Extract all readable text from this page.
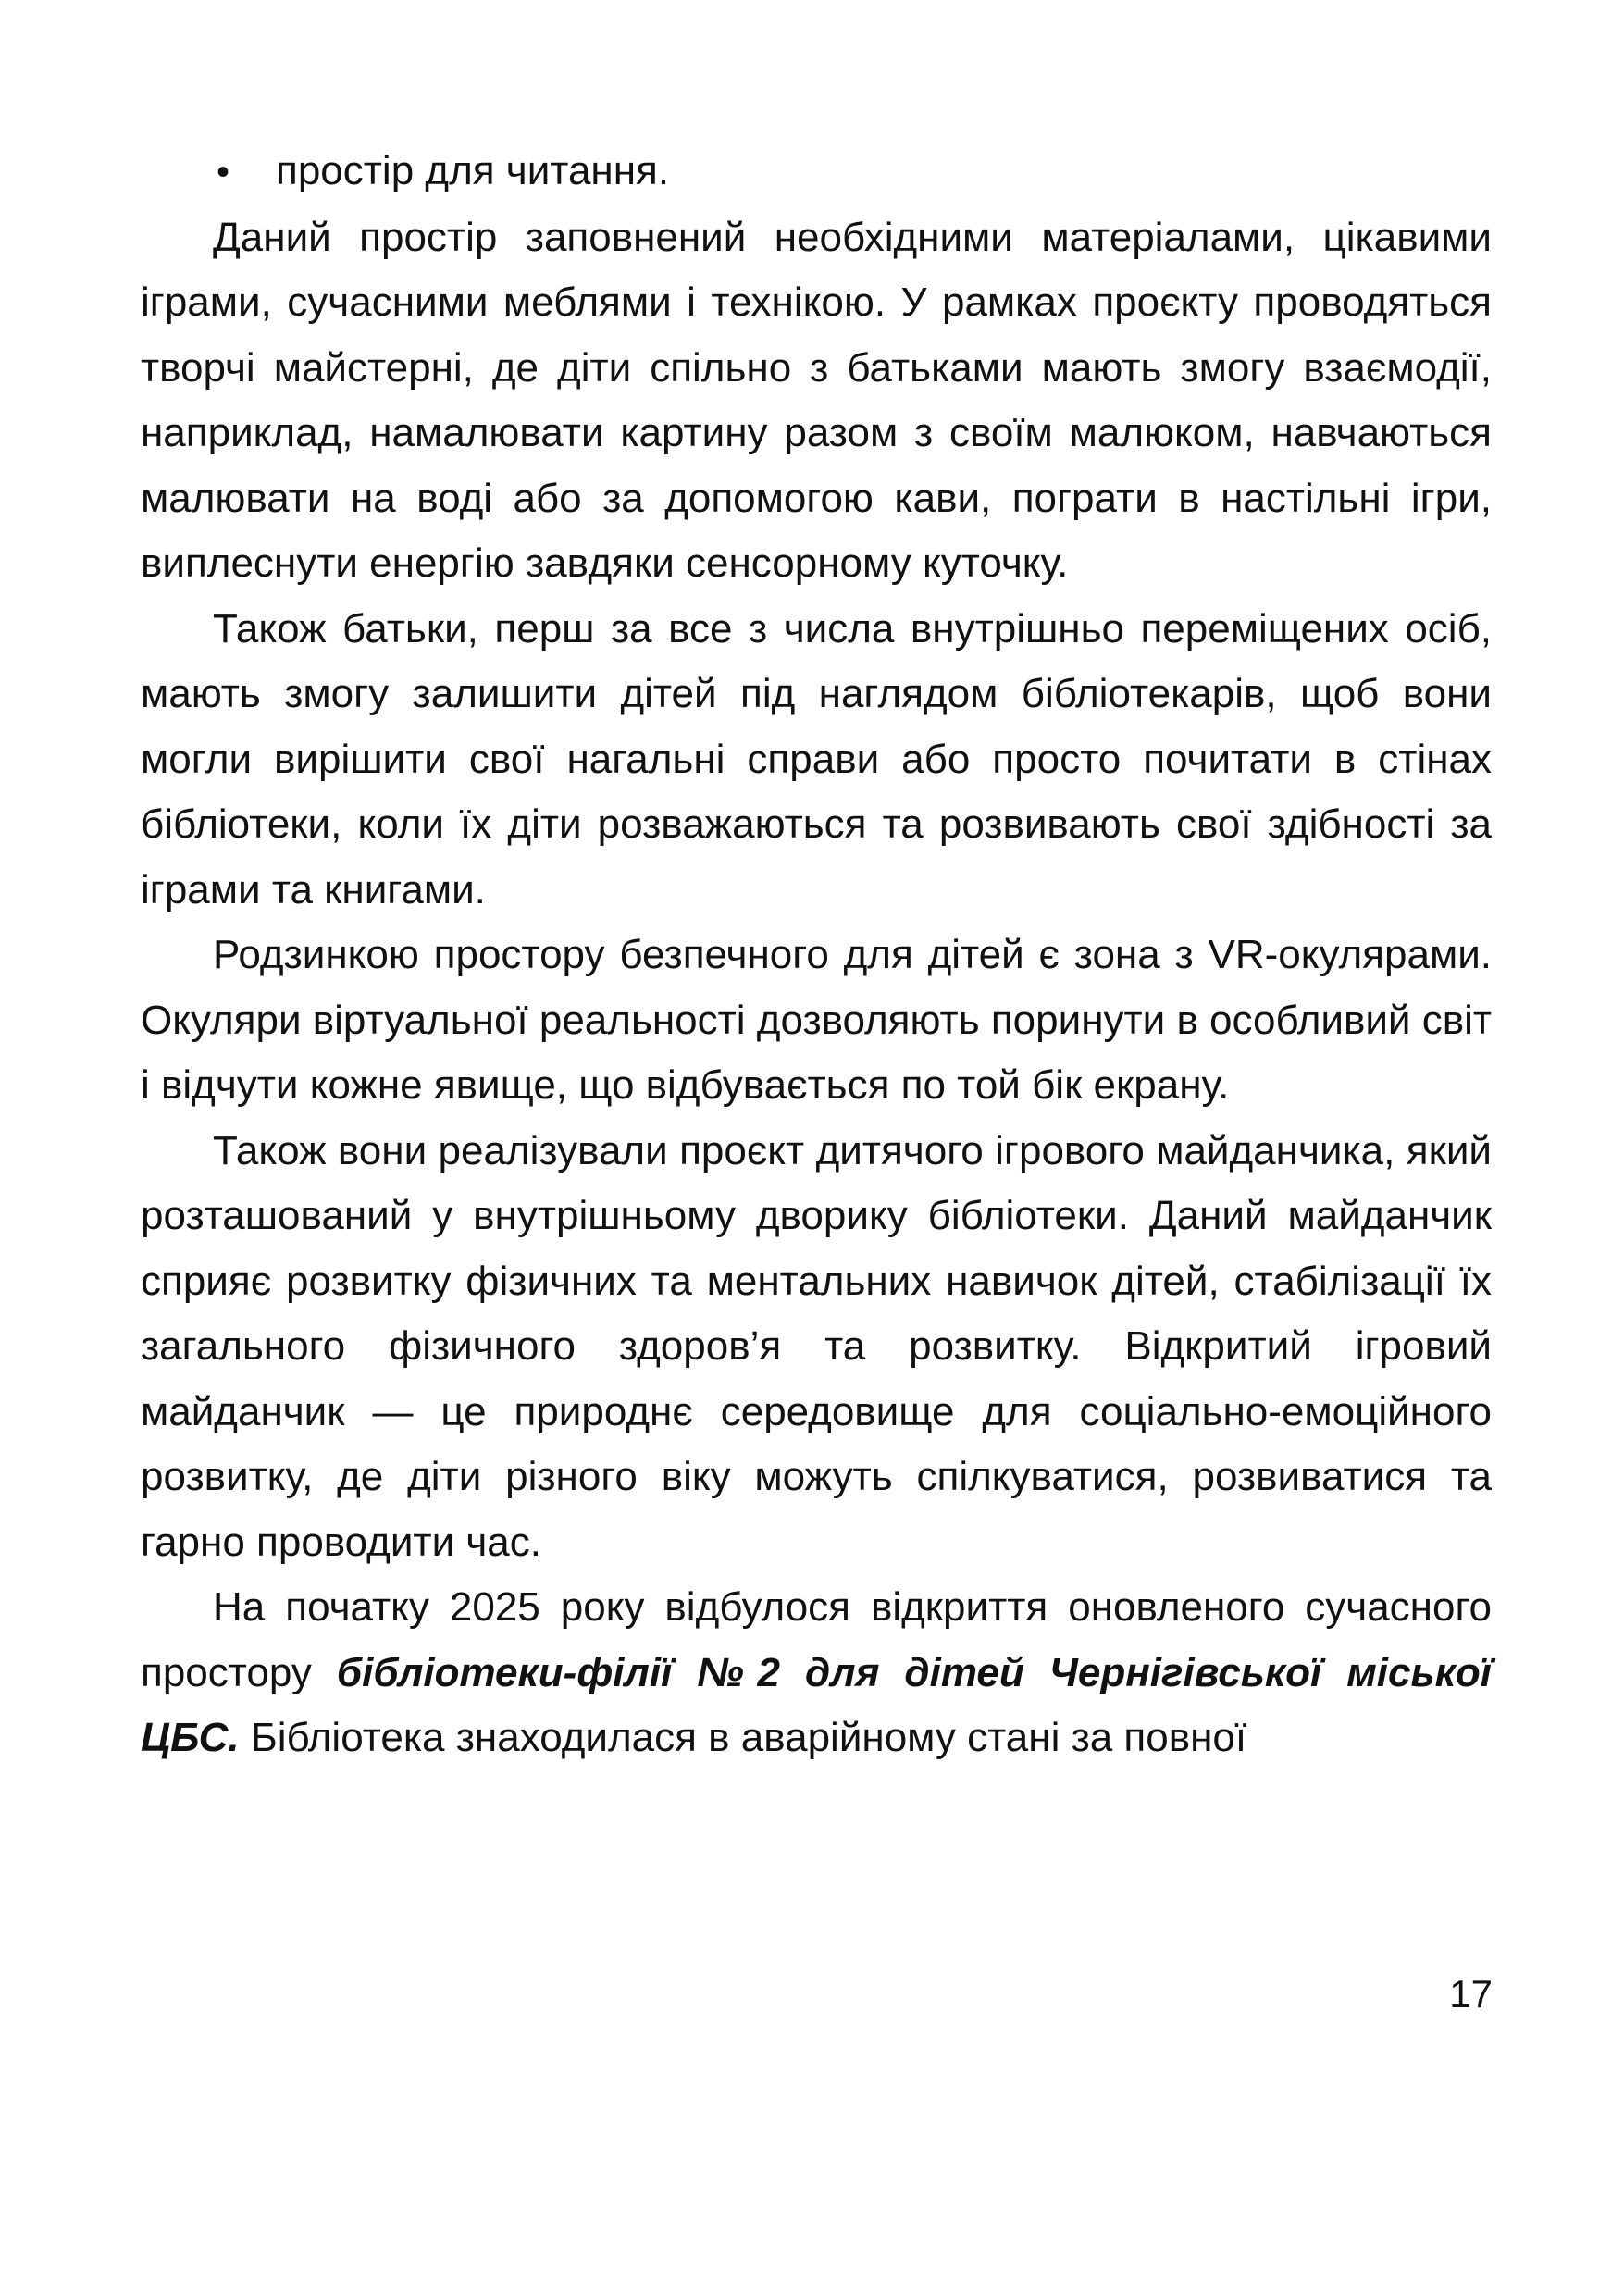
•	простір для читання.

Даний простір заповнений необхідними матеріалами, цікавими іграми, сучасними меблями і технікою. У рамках проєкту проводяться творчі майстерні, де діти спільно з батьками мають змогу взаємодії, наприклад, намалювати картину разом з своїм малюком, навчаються малювати на воді або за допомогою кави, пограти в настільні ігри, виплеснути енергію завдяки сенсорному куточку.

Також батьки, перш за все з числа внутрішньо переміщених осіб, мають змогу залишити дітей під наглядом бібліотекарів, щоб вони могли вирішити свої нагальні справи або просто почитати в стінах бібліотеки, коли їх діти розважаються та розвивають свої здібності за іграми та книгами.

Родзинкою простору безпечного для дітей є зона з VR-окулярами. Окуляри віртуальної реальності дозволяють поринути в особливий світ і відчути кожне явище, що відбувається по той бік екрану.

Також вони реалізували проєкт дитячого ігрового майданчика, який розташований у внутрішньому дворику бібліотеки. Даний майданчик сприяє розвитку фізичних та ментальних навичок дітей, стабілізації їх загального фізичного здоров’я та розвитку. Відкритий ігровий майданчик — це природнє середовище для соціально-емоційного розвитку, де діти різного віку можуть спілкуватися, розвиватися та гарно проводити час.

На початку 2025 року відбулося відкриття оновленого сучасного простору бібліотеки-філії №2 для дітей Чернігівської міської ЦБС. Бібліотека знаходилася в аварійному стані за повної

17
